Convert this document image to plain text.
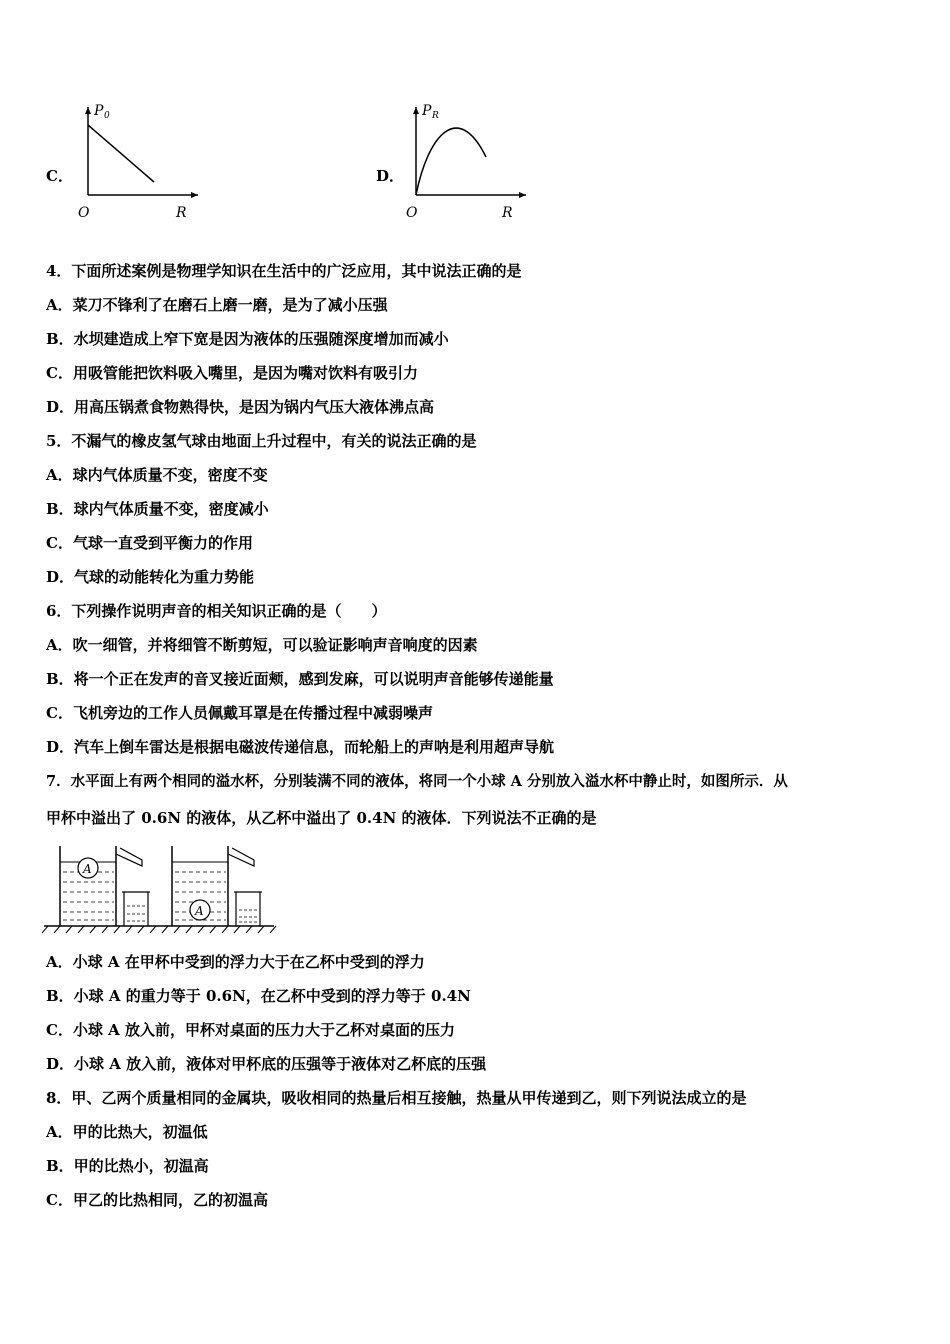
C．
P 0
O	R
D．
P R
O	R
4．下面所述案例是物理学知识在生活中的广泛应用，其中说法正确的是
A．菜刀不锋利了在磨石上磨一磨，是为了减小压强
B．水坝建造成上窄下宽是因为液体的压强随深度增加而减小
C．用吸管能把饮料吸入嘴里，是因为嘴对饮料有吸引力
D．用高压锅煮食物熟得快，是因为锅内气压大液体沸点高
5．不漏气的橡皮氢气球由地面上升过程中，有关的说法正确的是
A．球内气体质量不变，密度不变
B．球内气体质量不变，密度减小
C．气球一直受到平衡力的作用
D．气球的动能转化为重力势能
6．下列操作说明声音的相关知识正确的是（　　）
A．吹一细管，并将细管不断剪短，可以验证影响声音响度的因素
B．将一个正在发声的音叉接近面颊，感到发麻，可以说明声音能够传递能量
C．飞机旁边的工作人员佩戴耳罩是在传播过程中减弱噪声
D．汽车上倒车雷达是根据电磁波传递信息，而轮船上的声呐是利用超声导航
7．水平面上有两个相同的溢水杯，分别装满不同的液体，将同一个小球 A 分别放入溢水杯中静止时，如图所示．从
甲杯中溢出了 0.6N 的液体，从乙杯中溢出了 0.4N 的液体．下列说法不正确的是
A
A
A．小球 A 在甲杯中受到的浮力大于在乙杯中受到的浮力
B．小球 A 的重力等于 0.6N，在乙杯中受到的浮力等于 0.4N
C．小球 A 放入前，甲杯对桌面的压力大于乙杯对桌面的压力
D．小球 A 放入前，液体对甲杯底的压强等于液体对乙杯底的压强
8．甲、乙两个质量相同的金属块，吸收相同的热量后相互接触，热量从甲传递到乙，则下列说法成立的是
A．甲的比热大，初温低
B．甲的比热小，初温高
C．甲乙的比热相同，乙的初温高
